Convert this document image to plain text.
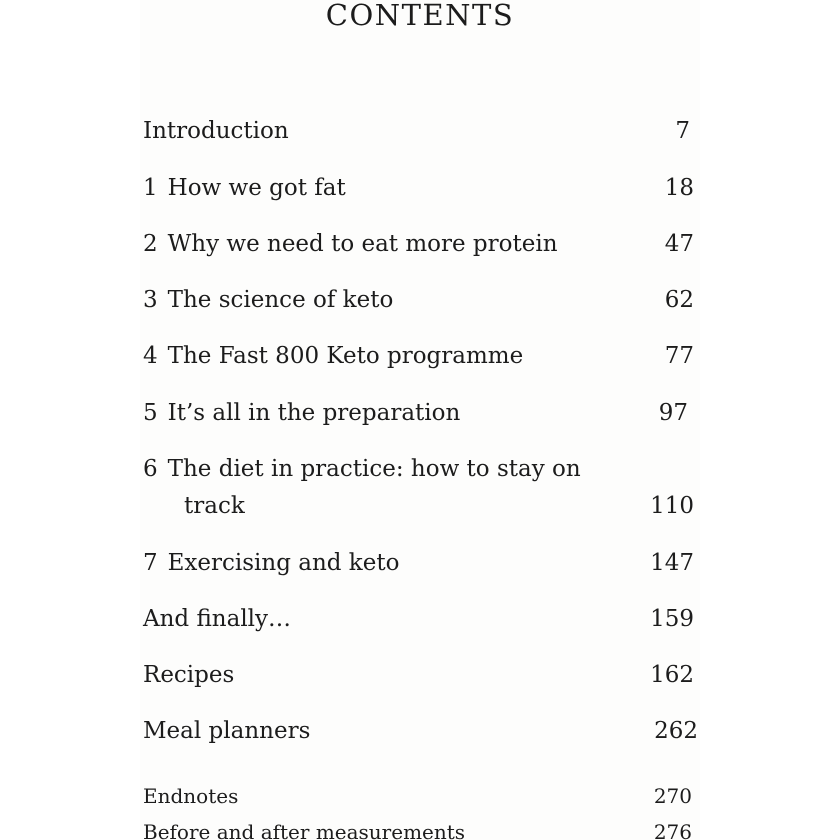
CONTENTS
Introduction	7
1 How we got fat	18
2 Why we need to eat more protein	47
3 The science of keto	62
4 The Fast 800 Keto programme	77
5 It’s all in the preparation	97
6 The diet in practice: how to stay on
track	110
7 Exercising and keto	147
And finally…	159
Recipes	162
Meal planners	262
Endnotes	270
Before and after measurements	276
